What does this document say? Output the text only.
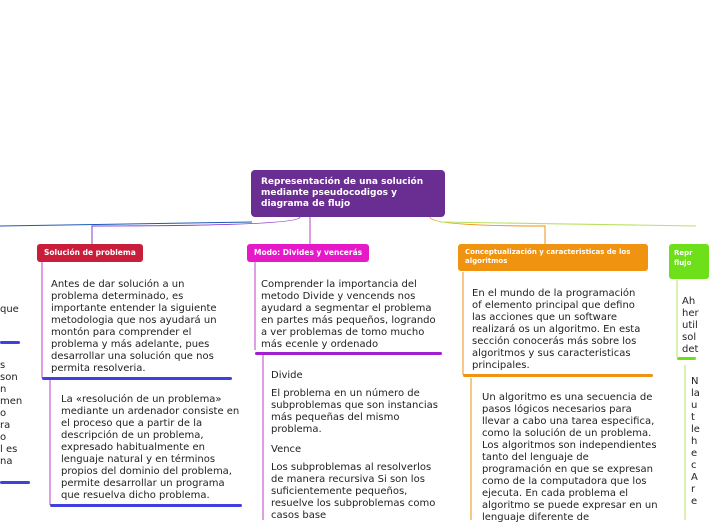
Representación de una solución mediante pseudocodigos y diagrama de flujo
que
s son
n
men
o
ra
o
l es
na
Solución de problema
Antes de dar solución a un problema determinado, es importante entender la siguiente metodologia que nos ayudará un montón para comprender el problema y más adelante, pues desarrollar una solución que nos permita resolveria.
La «resolución de un problema» mediante un ardenador consiste en el proceso que a partir de la descripción de un problema, expresado habitualmente en lenguaje natural y en términos propios del dominio del problema, permite desarrollar un programa que resuelva dicho problema.
Modo: Divides y vencerás
Comprender la importancia del metodo Divide y vencends nos ayudard a segmentar el problema en partes más pequeños, logrando a ver problemas de tomo mucho más ecenle y ordenado
Divide
El problema en un número de subproblemas que son instancias más pequeñas del mismo problema.
Vence
Los subproblemas al resolverlos de manera recursiva Si son los suficientemente pequeños, resuelve los subproblemas como casos base
Conceptualización y caracteristicas de los algoritmos
En el mundo de la programación of elemento principal que defino las acciones que un software realizará os un algoritmo. En esta sección conocerás más sobre los algoritmos y sus caracteristicas principales.
Un algoritmo es una secuencia de pasos lógicos necesarios para llevar a cabo una tarea especifica, como la solución de un problema. Los algoritmos son independientes tanto del lenguaje de programación en que se expresan como de la computadora que los ejecuta. En cada problema el algoritmo se puede expresar en un lenguaje diferente de
Repr flujo
Ah
her
util
sol
det
N
la
u
t
le
h
e
c
A
r
e
